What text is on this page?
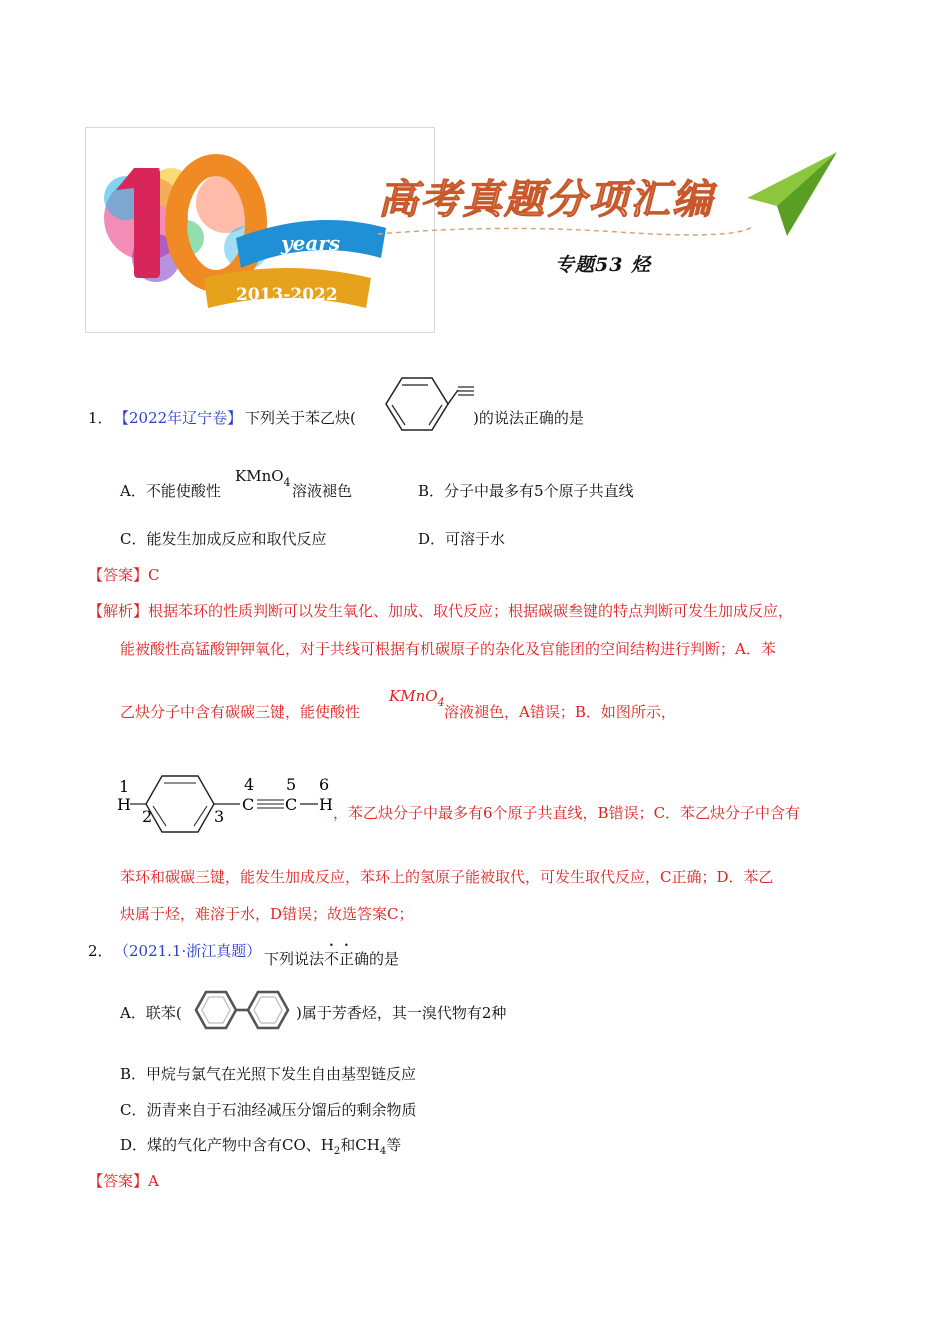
years
2013-2022
高考真题分项汇编
专题53 烃
1． 【2022年辽宁卷】 下列关于苯乙炔(	)的说法正确的是
A．不能使酸性
KMnO$_4$ 溶液褪色	B．分子中最多有5个原子共直线
C．能发生加成反应和取代反应	D．可溶于水
【答案】C
【解析】根据苯环的性质判断可以发生氧化、加成、取代反应；根据碳碳叁键的特点判断可发生加成反应，
能被酸性高锰酸钾钾氧化，对于共线可根据有机碳原子的杂化及官能团的空间结构进行判断；A．苯
乙炔分子中含有碳碳三键，能使酸性
KMnO$_4$
溶液褪色，A错误；B．如图所示，
1
H
2	3
4
C
5
C
6
H ，苯乙炔分子中最多有6个原子共直线，B错误；C．苯乙炔分子中含有
苯环和碳碳三键，能发生加成反应，苯环上的氢原子能被取代，可发生取代反应，C正确；D．苯乙
炔属于烃，难溶于水，D错误；故选答案C；
2． （2021.1·浙江真题） 下列说法不正确的是
A．联苯(	)属于芳香烃，其一溴代物有2种
B．甲烷与氯气在光照下发生自由基型链反应
C．沥青来自于石油经减压分馏后的剩余物质
D．煤的气化产物中含有CO、$H_2$和$CH_4$等
【答案】A
